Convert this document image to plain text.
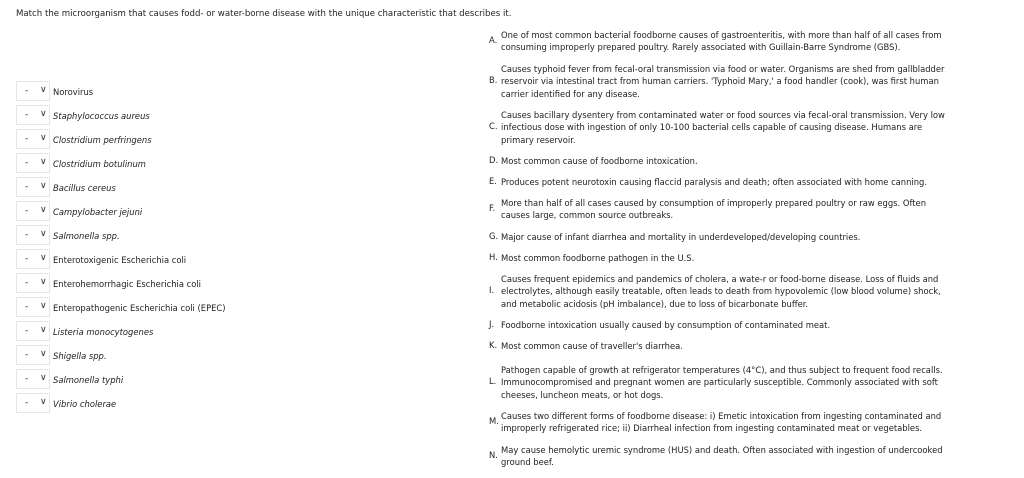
Match the microorganism that causes fodd- or water-borne disease with the unique characteristic that describes it.
- ∨ Norovirus
- ∨ Staphylococcus aureus
- ∨ Clostridium perfringens
- ∨ Clostridium botulinum
- ∨ Bacillus cereus
- ∨ Campylobacter jejuni
- ∨ Salmonella spp.
- ∨ Enterotoxigenic Escherichia coli
- ∨ Enterohemorrhagic Escherichia coli
- ∨ Enteropathogenic Escherichia coli (EPEC)
- ∨ Listeria monocytogenes
- ∨ Shigella spp.
- ∨ Salmonella typhi
- ∨ Vibrio cholerae
A. One of most common bacterial foodborne causes of gastroenteritis, with more than half of all cases from consuming improperly prepared poultry. Rarely associated with Guillain-Barre Syndrome (GBS).
B.
Causes typhoid fever from fecal-oral transmission via food or water. Organisms are shed from gallbladder reservoir via intestinal tract from human carriers. 'Typhoid Mary,' a food handler (cook), was first human carrier identified for any disease.
C.
Causes bacillary dysentery from contaminated water or food sources via fecal-oral transmission. Very low infectious dose with ingestion of only 10-100 bacterial cells capable of causing disease. Humans are primary reservoir.
D. Most common cause of foodborne intoxication.
E. Produces potent neurotoxin causing flaccid paralysis and death; often associated with home canning.
F. More than half of all cases caused by consumption of improperly prepared poultry or raw eggs. Often causes large, common source outbreaks.
G. Major cause of infant diarrhea and mortality in underdeveloped/developing countries.
H. Most common foodborne pathogen in the U.S.
I.
Causes frequent epidemics and pandemics of cholera, a wate-r or food-borne disease. Loss of fluids and electrolytes, although easily treatable, often leads to death from hypovolemic (low blood volume) shock, and metabolic acidosis (pH imbalance), due to loss of bicarbonate buffer.
J. Foodborne intoxication usually caused by consumption of contaminated meat.
K. Most common cause of traveller's diarrhea.
L.
Pathogen capable of growth at refrigerator temperatures (4°C), and thus subject to frequent food recalls. Immunocompromised and pregnant women are particularly susceptible. Commonly associated with soft cheeses, luncheon meats, or hot dogs.
M. Causes two different forms of foodborne disease: i) Emetic intoxication from ingesting contaminated and improperly refrigerated rice; ii) Diarrheal infection from ingesting contaminated meat or vegetables.
N. May cause hemolytic uremic syndrome (HUS) and death. Often associated with ingestion of undercooked ground beef.
